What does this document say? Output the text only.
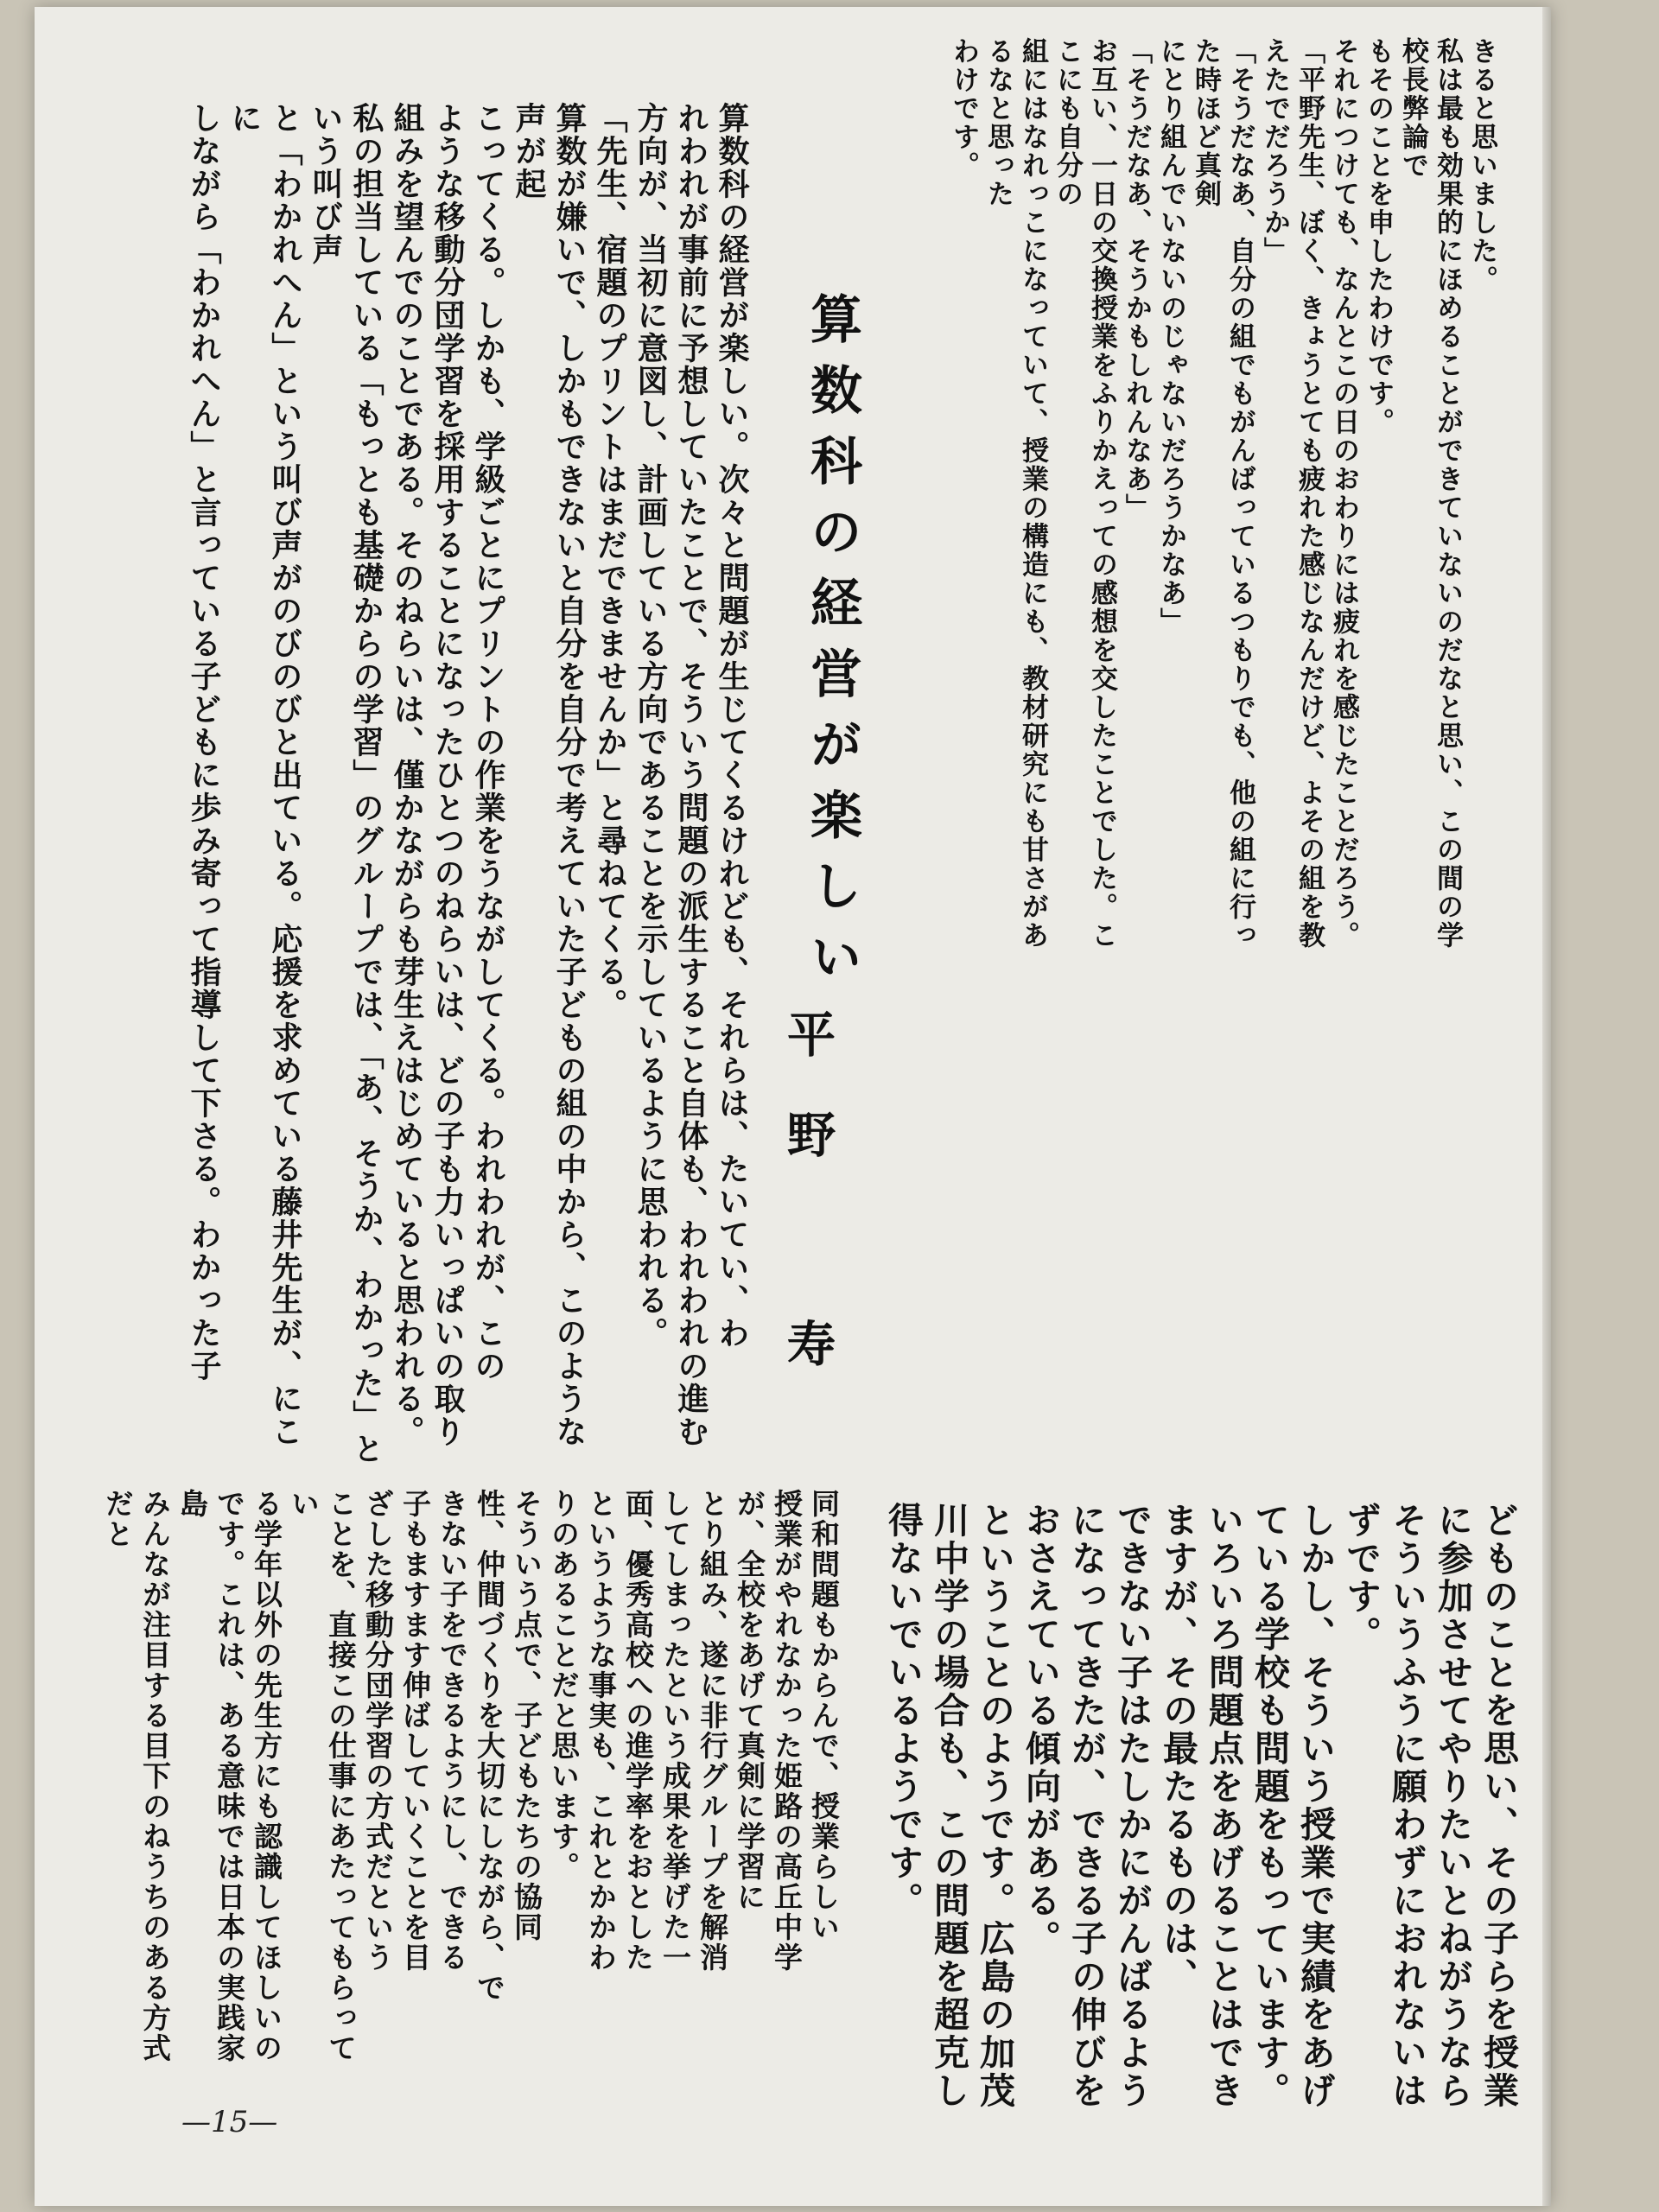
きると思いました。

私は最も効果的にほめることができていないのだなと思い、この間の学校長弊論で

もそのことを申したわけです。

それにつけても、なんとこの日のおわりには疲れを感じたことだろう。

「平野先生、ぼく、きょうとても疲れた感じなんだけど、よその組を教えたでだろうか」

「そうだなあ、自分の組でもがんばっているつもりでも、他の組に行った時ほど真剣

にとり組んでいないのじゃないだろうかなあ」

「そうだなあ、そうかもしれんなあ」

お互い、一日の交換授業をふりかえっての感想を交したことでした。ここにも自分の

組にはなれっこになっていて、授業の構造にも、教材研究にも甘さがあるなと思った

わけです。

算数科の経営が楽しい
平野 寿

算数科の経営が楽しい。次々と問題が生じてくるけれども、それらは、たいてい、わ

れわれが事前に予想していたことで、そういう問題の派生すること自体も、われわれの進む

方向が、当初に意図し、計画している方向であることを示しているように思われる。

「先生、宿題のプリントはまだできませんか」と尋ねてくる。

算数が嫌いで、しかもできないと自分を自分で考えていた子どもの組の中から、このような声が起

こってくる。しかも、学級ごとにプリントの作業をうながしてくる。われわれが、この

ような移動分団学習を採用することになったひとつのねらいは、どの子も力いっぱいの取り

組みを望んでのことである。そのねらいは、僅かながらも芽生えはじめていると思われる。

私の担当している「もっとも基礎からの学習」のグループでは、「あ、そうか、わかった」という叫び声

と「わかれへん」という叫び声がのびのびと出ている。応援を求めている藤井先生が、にこに

しながら「わかれへん」と言っている子どもに歩み寄って指導して下さる。わかった子

どものことを思い、その子らを授業

に参加させてやりたいとねがうなら

そういうふうに願わずにおれないは

ずです。

しかし、そういう授業で実績をあげ

ている学校も問題をもっています。

いろいろ問題点をあげることはでき

ますが、その最たるものは、

できない子はたしかにがんばるよう

になってきたが、できる子の伸びを

おさえている傾向がある。

ということのようです。広島の加茂

川中学の場合も、この問題を超克し

得ないでいるようです。

同和問題もからんで、授業らしい

授業がやれなかった姫路の高丘中学

が、全校をあげて真剣に学習に

とり組み、遂に非行グループを解消

してしまったという成果を挙げた一

面、優秀高校への進学率をおとした

というような事実も、これとかかわ

りのあることだと思います。

そういう点で、子どもたちの協同

性、仲間づくりを大切にしながら、で

きない子をできるようにし、できる

子もますます伸ばしていくことを目

ざした移動分団学習の方式だという

ことを、直接この仕事にあたってもらってい

る学年以外の先生方にも認識してほしいの

です。これは、ある意味では日本の実践家島

みんなが注目する目下のねうちのある方式だと

—15—
